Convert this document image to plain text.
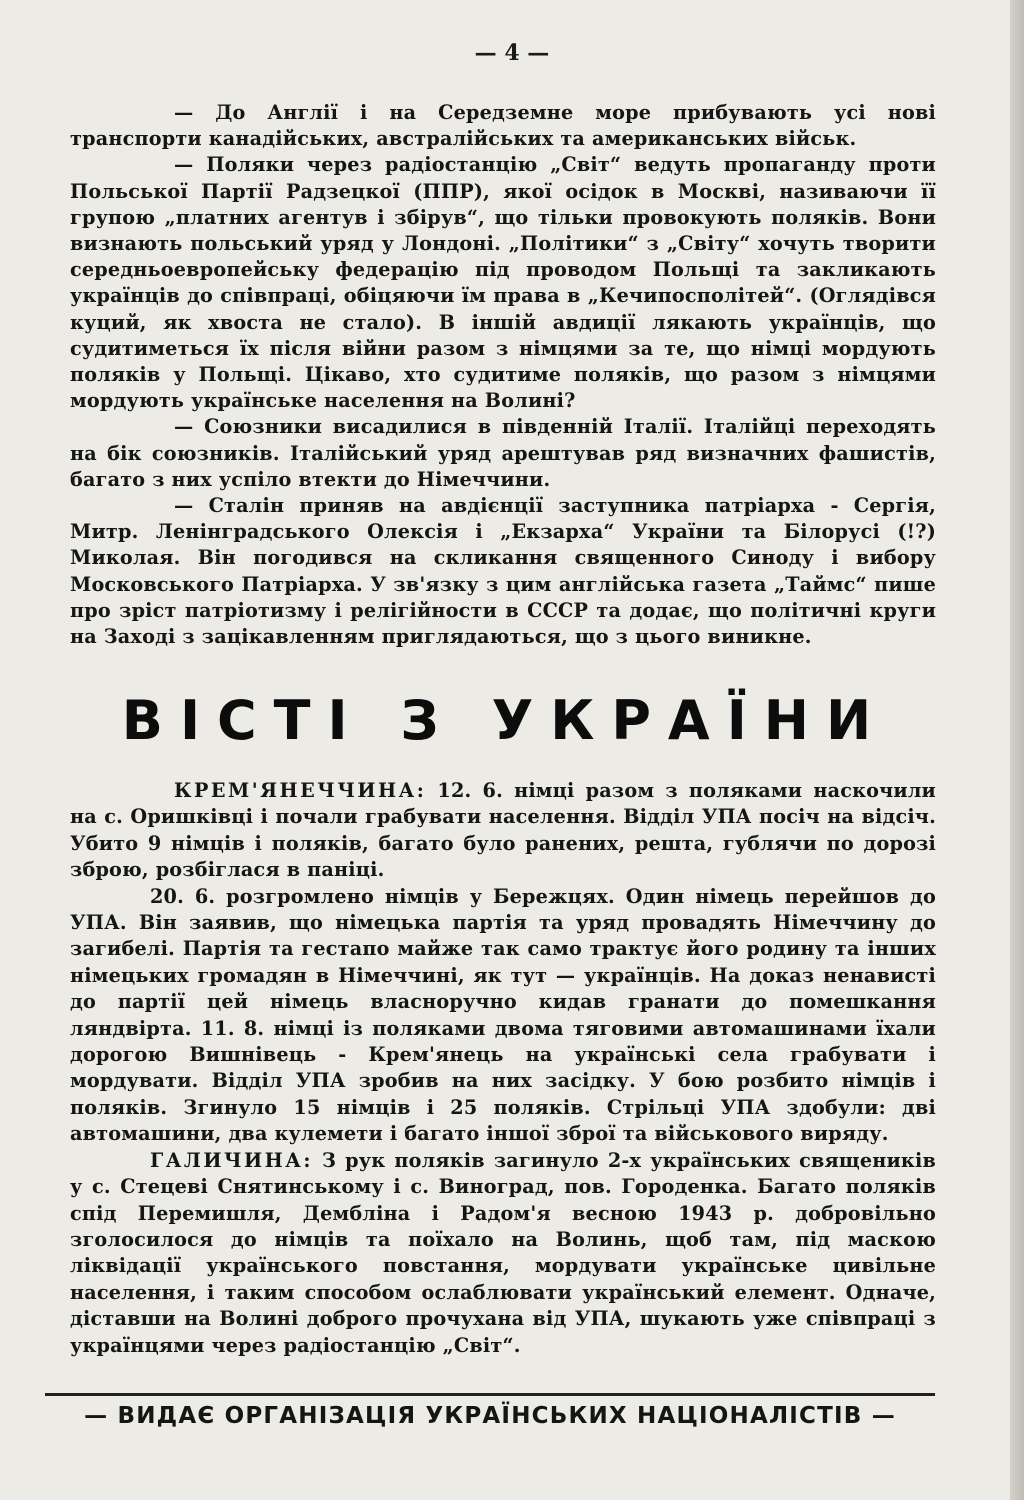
— 4 —

— До Англії і на Середземне море прибувають усі нові транспорти канадійських, австралійських та американських військ.

— Поляки через радіостанцію „Світ“ ведуть пропаганду проти Польської Партії Радзецкої (ППР), якої осідок в Москві, називаючи її групою „платних агентув і збірув“, що тільки провокують поляків. Вони визнають польський уряд у Лондоні. „Політики“ з „Світу“ хочуть творити середньоевропейську федерацію під проводом Польщі та закликають українців до співпраці, обіцяючи їм права в „Кечипосполітей“. (Оглядівся куций, як хвоста не стало). В іншій авдиції лякають українців, що судитиметься їх після війни разом з німцями за те, що німці мордують поляків у Польщі. Цікаво, хто судитиме поляків, що разом з німцями мордують українське населення на Волині?

— Союзники висадилися в південній Італії. Італійці переходять на бік союзників. Італійський уряд арештував ряд визначних фашистів, багато з них успіло втекти до Німеччини.

— Сталін приняв на авдієнції заступника патріарха - Сергія, Митр. Ленінградського Олексія і „Екзарха“ України та Білорусі (!?) Миколая. Він погодився на скликання священного Синоду і вибору Московського Патріарха. У зв'язку з цим англійська газета „Таймс“ пише про зріст патріотизму і релігійности в СССР та додає, що політичні круги на Заході з зацікавленням приглядаються, що з цього виникне.

ВІСТІ З УКРАЇНИ

КРЕМ'ЯНЕЧЧИНА: 12. 6. німці разом з поляками наскочили на с. Оришківці і почали грабувати населення. Відділ УПА посіч на відсіч. Убито 9 німців і поляків, багато було ранених, решта, гублячи по дорозі зброю, розбіглася в паніці.

20. 6. розгромлено німців у Бережцях. Один німець перейшов до УПА. Він заявив, що німецька партія та уряд провадять Німеччину до загибелі. Партія та гестапо майже так само трактує його родину та інших німецьких громадян в Німеччині, як тут — українців. На доказ ненависті до партії цей німець власноручно кидав гранати до помешкання ляндвірта. 11. 8. німці із поляками двома тяговими автомашинами їхали дорогою Вишнівець - Крем'янець на українські села грабувати і мордувати. Відділ УПА зробив на них засідку. У бою розбито німців і поляків. Згинуло 15 німців і 25 поляків. Стрільці УПА здобули: дві автомашини, два кулемети і багато іншої зброї та військового виряду.

ГАЛИЧИНА: З рук поляків загинуло 2-х українських священиків у с. Стецеві Снятинському і с. Виноград, пов. Городенка. Багато поляків спід Перемишля, Дембліна і Радом'я весною 1943 р. добровільно зголосилося до німців та поїхало на Волинь, щоб там, під маскою ліквідації українського повстання, мордувати українське цивільне населення, і таким способом ослаблювати український елемент. Одначе, діставши на Волині доброго прочухана від УПА, шукають уже співпраці з українцями через радіостанцію „Світ“.

— ВИДАЄ ОРГАНІЗАЦІЯ УКРАЇНСЬКИХ НАЦІОНАЛІСТІВ —
